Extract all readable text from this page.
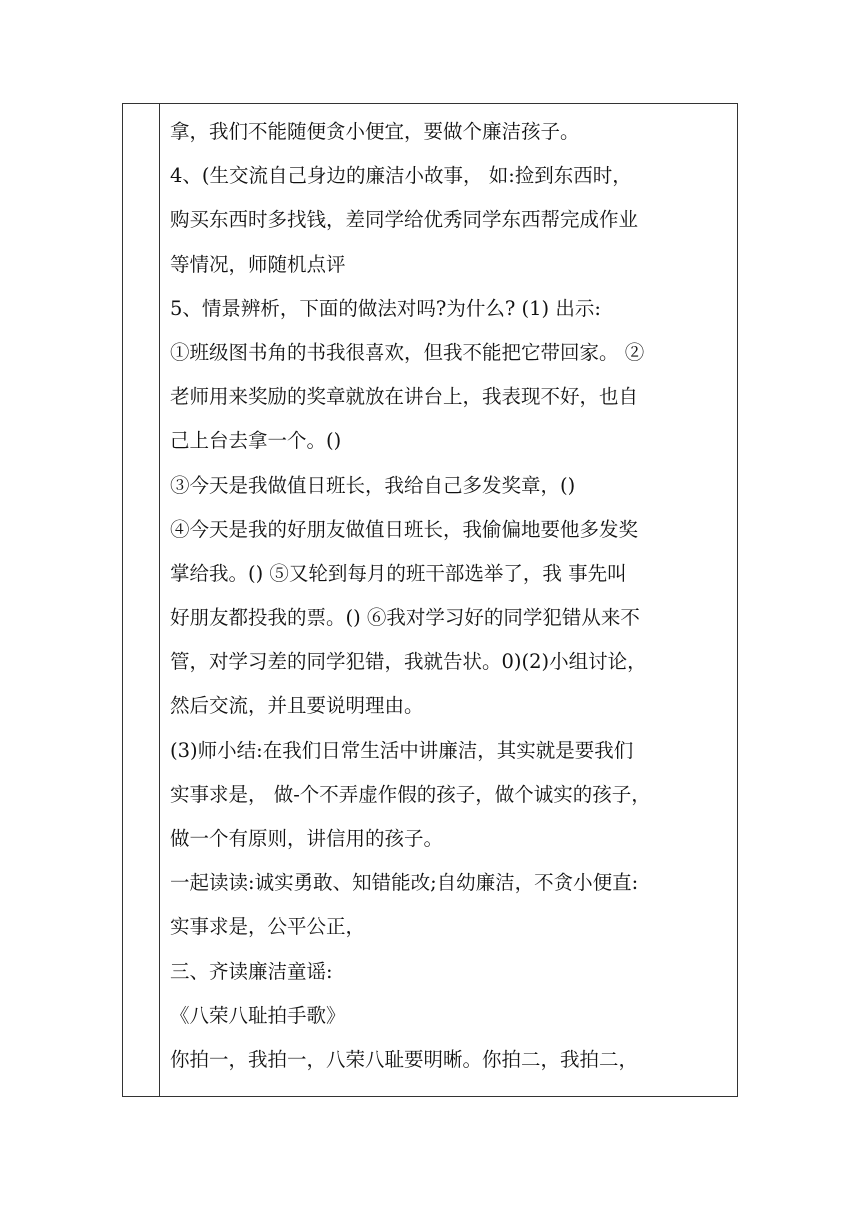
拿，我们不能随便贪小便宜，要做个廉洁孩子。
4、(生交流自己身边的廉洁小故事， 如:捡到东西时，
购买东西时多找钱，差同学给优秀同学东西帮完成作业
等情况，师随机点评
5、情景辨析，下面的做法对吗?为什么? (1) 出示:
①班级图书角的书我很喜欢，但我不能把它带回家。 ②
老师用来奖励的奖章就放在讲台上，我表现不好，也自
己上台去拿一个。()
③今天是我做值日班长，我给自己多发奖章，()
④今天是我的好朋友做值日班长，我偷偏地要他多发奖
掌给我。() ⑤又轮到每月的班干部选举了，我 事先叫
好朋友都投我的票。() ⑥我对学习好的同学犯错从来不
管，对学习差的同学犯错，我就告状。0)(2)小组讨论，
然后交流，并且要说明理由。
(3)师小结:在我们日常生活中讲廉洁，其实就是要我们
实事求是， 做-个不弄虚作假的孩子，做个诚实的孩子，
做一个有原则，讲信用的孩子。
一起读读:诚实勇敢、知错能改;自幼廉洁，不贪小便直:
实事求是，公平公正，
三、齐读廉洁童谣:
《八荣八耻拍手歌》
你拍一，我拍一，八荣八耻要明晰。你拍二，我拍二，
